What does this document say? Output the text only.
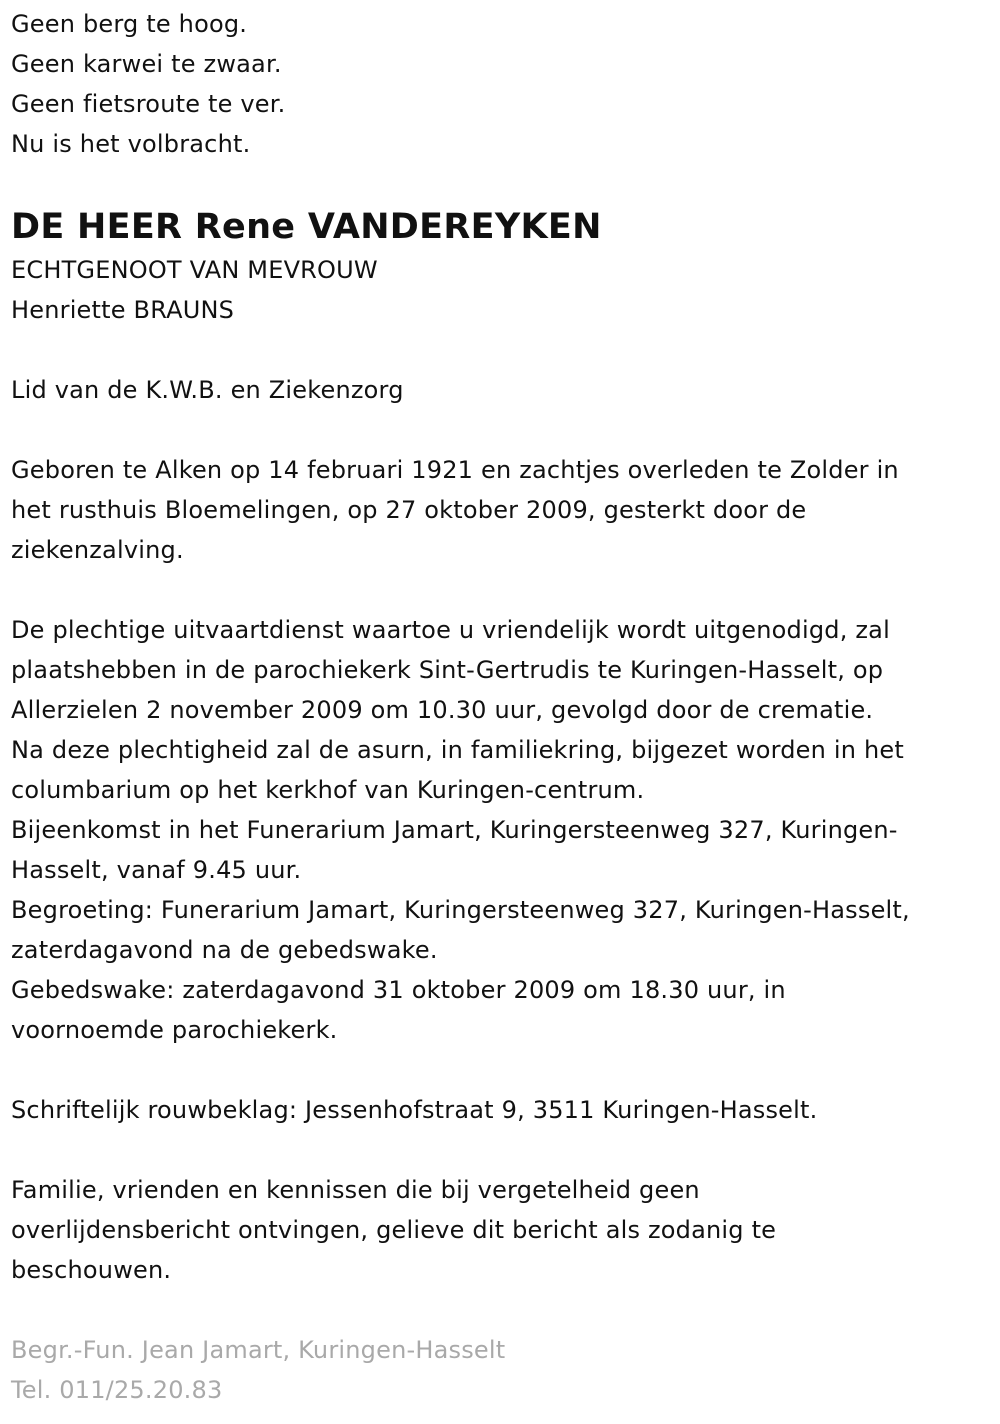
Geen berg te hoog.
Geen karwei te zwaar.
Geen fietsroute te ver.
Nu is het volbracht.
DE HEER Rene VANDEREYKEN
ECHTGENOOT VAN MEVROUW
Henriette BRAUNS
Lid van de K.W.B. en Ziekenzorg
Geboren te Alken op 14 februari 1921 en zachtjes overleden te Zolder in
het rusthuis Bloemelingen, op 27 oktober 2009, gesterkt door de
ziekenzalving.
De plechtige uitvaartdienst waartoe u vriendelijk wordt uitgenodigd, zal
plaatshebben in de parochiekerk Sint-Gertrudis te Kuringen-Hasselt, op
Allerzielen 2 november 2009 om 10.30 uur, gevolgd door de crematie.
Na deze plechtigheid zal de asurn, in familiekring, bijgezet worden in het
columbarium op het kerkhof van Kuringen-centrum.
Bijeenkomst in het Funerarium Jamart, Kuringersteenweg 327, Kuringen-
Hasselt, vanaf 9.45 uur.
Begroeting: Funerarium Jamart, Kuringersteenweg 327, Kuringen-Hasselt,
zaterdagavond na de gebedswake.
Gebedswake: zaterdagavond 31 oktober 2009 om 18.30 uur, in
voornoemde parochiekerk.
Schriftelijk rouwbeklag: Jessenhofstraat 9, 3511 Kuringen-Hasselt.
Familie, vrienden en kennissen die bij vergetelheid geen
overlijdensbericht ontvingen, gelieve dit bericht als zodanig te
beschouwen.
Begr.-Fun. Jean Jamart, Kuringen-Hasselt
Tel. 011/25.20.83
